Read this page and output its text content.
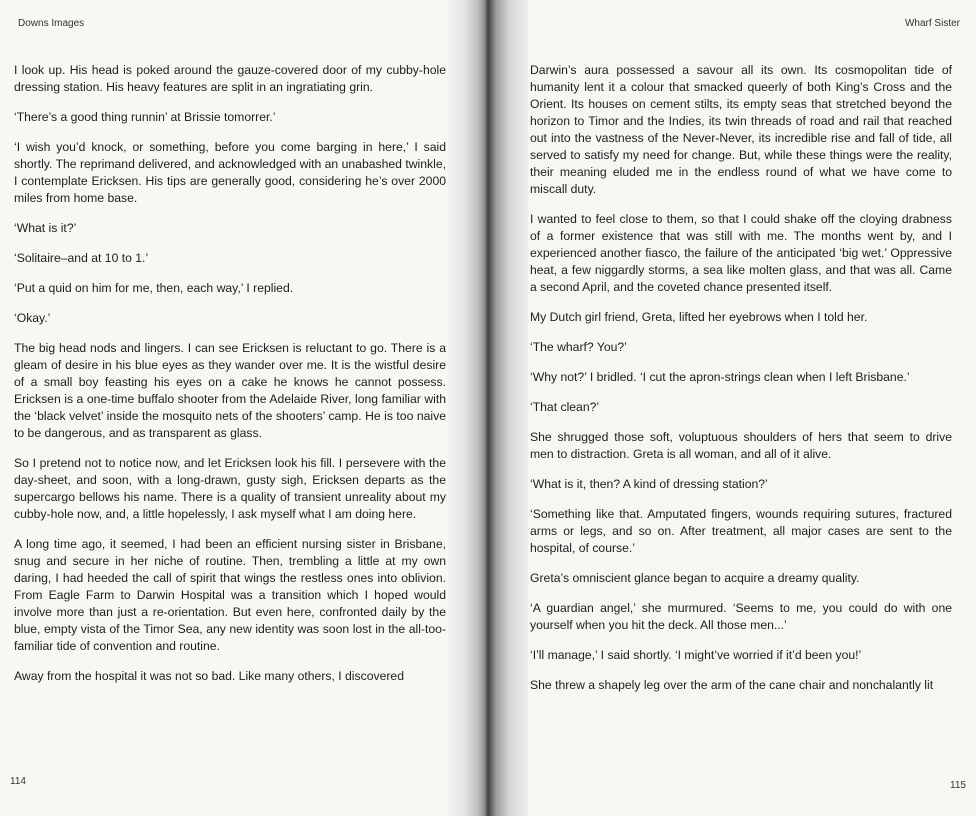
Downs Images

I look up. His head is poked around the gauze-covered door of my cubby-hole dressing station. His heavy features are split in an ingratiating grin.

‘There’s a good thing runnin’ at Brissie tomorrer.’

‘I wish you’d knock, or something, before you come barging in here,’ I said shortly. The reprimand delivered, and acknowledged with an unabashed twinkle, I contemplate Ericksen. His tips are generally good, considering he’s over 2000 miles from home base.

‘What is it?’

‘Solitaire–and at 10 to 1.’

‘Put a quid on him for me, then, each way,’ I replied.

‘Okay.’

The big head nods and lingers. I can see Ericksen is reluctant to go. There is a gleam of desire in his blue eyes as they wander over me. It is the wistful desire of a small boy feasting his eyes on a cake he knows he cannot possess. Ericksen is a one-time buffalo shooter from the Adelaide River, long familiar with the ‘black velvet’ inside the mosquito nets of the shooters’ camp. He is too naive to be dangerous, and as transparent as glass.

So I pretend not to notice now, and let Ericksen look his fill. I persevere with the day-sheet, and soon, with a long-drawn, gusty sigh, Ericksen departs as the supercargo bellows his name. There is a quality of transient unreality about my cubby-hole now, and, a little hopelessly, I ask myself what I am doing here.

A long time ago, it seemed, I had been an efficient nursing sister in Brisbane, snug and secure in her niche of routine. Then, trembling a little at my own daring, I had heeded the call of spirit that wings the restless ones into oblivion. From Eagle Farm to Darwin Hospital was a transition which I hoped would involve more than just a re-orientation. But even here, confronted daily by the blue, empty vista of the Timor Sea, any new identity was soon lost in the all-too-familiar tide of convention and routine.

Away from the hospital it was not so bad. Like many others, I discovered

114
Wharf Sister

Darwin’s aura possessed a savour all its own. Its cosmopolitan tide of humanity lent it a colour that smacked queerly of both King’s Cross and the Orient. Its houses on cement stilts, its empty seas that stretched beyond the horizon to Timor and the Indies, its twin threads of road and rail that reached out into the vastness of the Never-Never, its incredible rise and fall of tide, all served to satisfy my need for change. But, while these things were the reality, their meaning eluded me in the endless round of what we have come to miscall duty.

I wanted to feel close to them, so that I could shake off the cloying drabness of a former existence that was still with me. The months went by, and I experienced another fiasco, the failure of the anticipated ‘big wet.’ Oppressive heat, a few niggardly storms, a sea like molten glass, and that was all. Came a second April, and the coveted chance presented itself.

My Dutch girl friend, Greta, lifted her eyebrows when I told her.

‘The wharf? You?’

‘Why not?’ I bridled. ‘I cut the apron-strings clean when I left Brisbane.’

‘That clean?’

She shrugged those soft, voluptuous shoulders of hers that seem to drive men to distraction. Greta is all woman, and all of it alive.

‘What is it, then? A kind of dressing station?’

‘Something like that. Amputated fingers, wounds requiring sutures, fractured arms or legs, and so on. After treatment, all major cases are sent to the hospital, of course.’

Greta’s omniscient glance began to acquire a dreamy quality.

‘A guardian angel,’ she murmured. ‘Seems to me, you could do with one yourself when you hit the deck. All those men...’

‘I’ll manage,’ I said shortly. ‘I might’ve worried if it’d been you!’

She threw a shapely leg over the arm of the cane chair and nonchalantly lit

115
